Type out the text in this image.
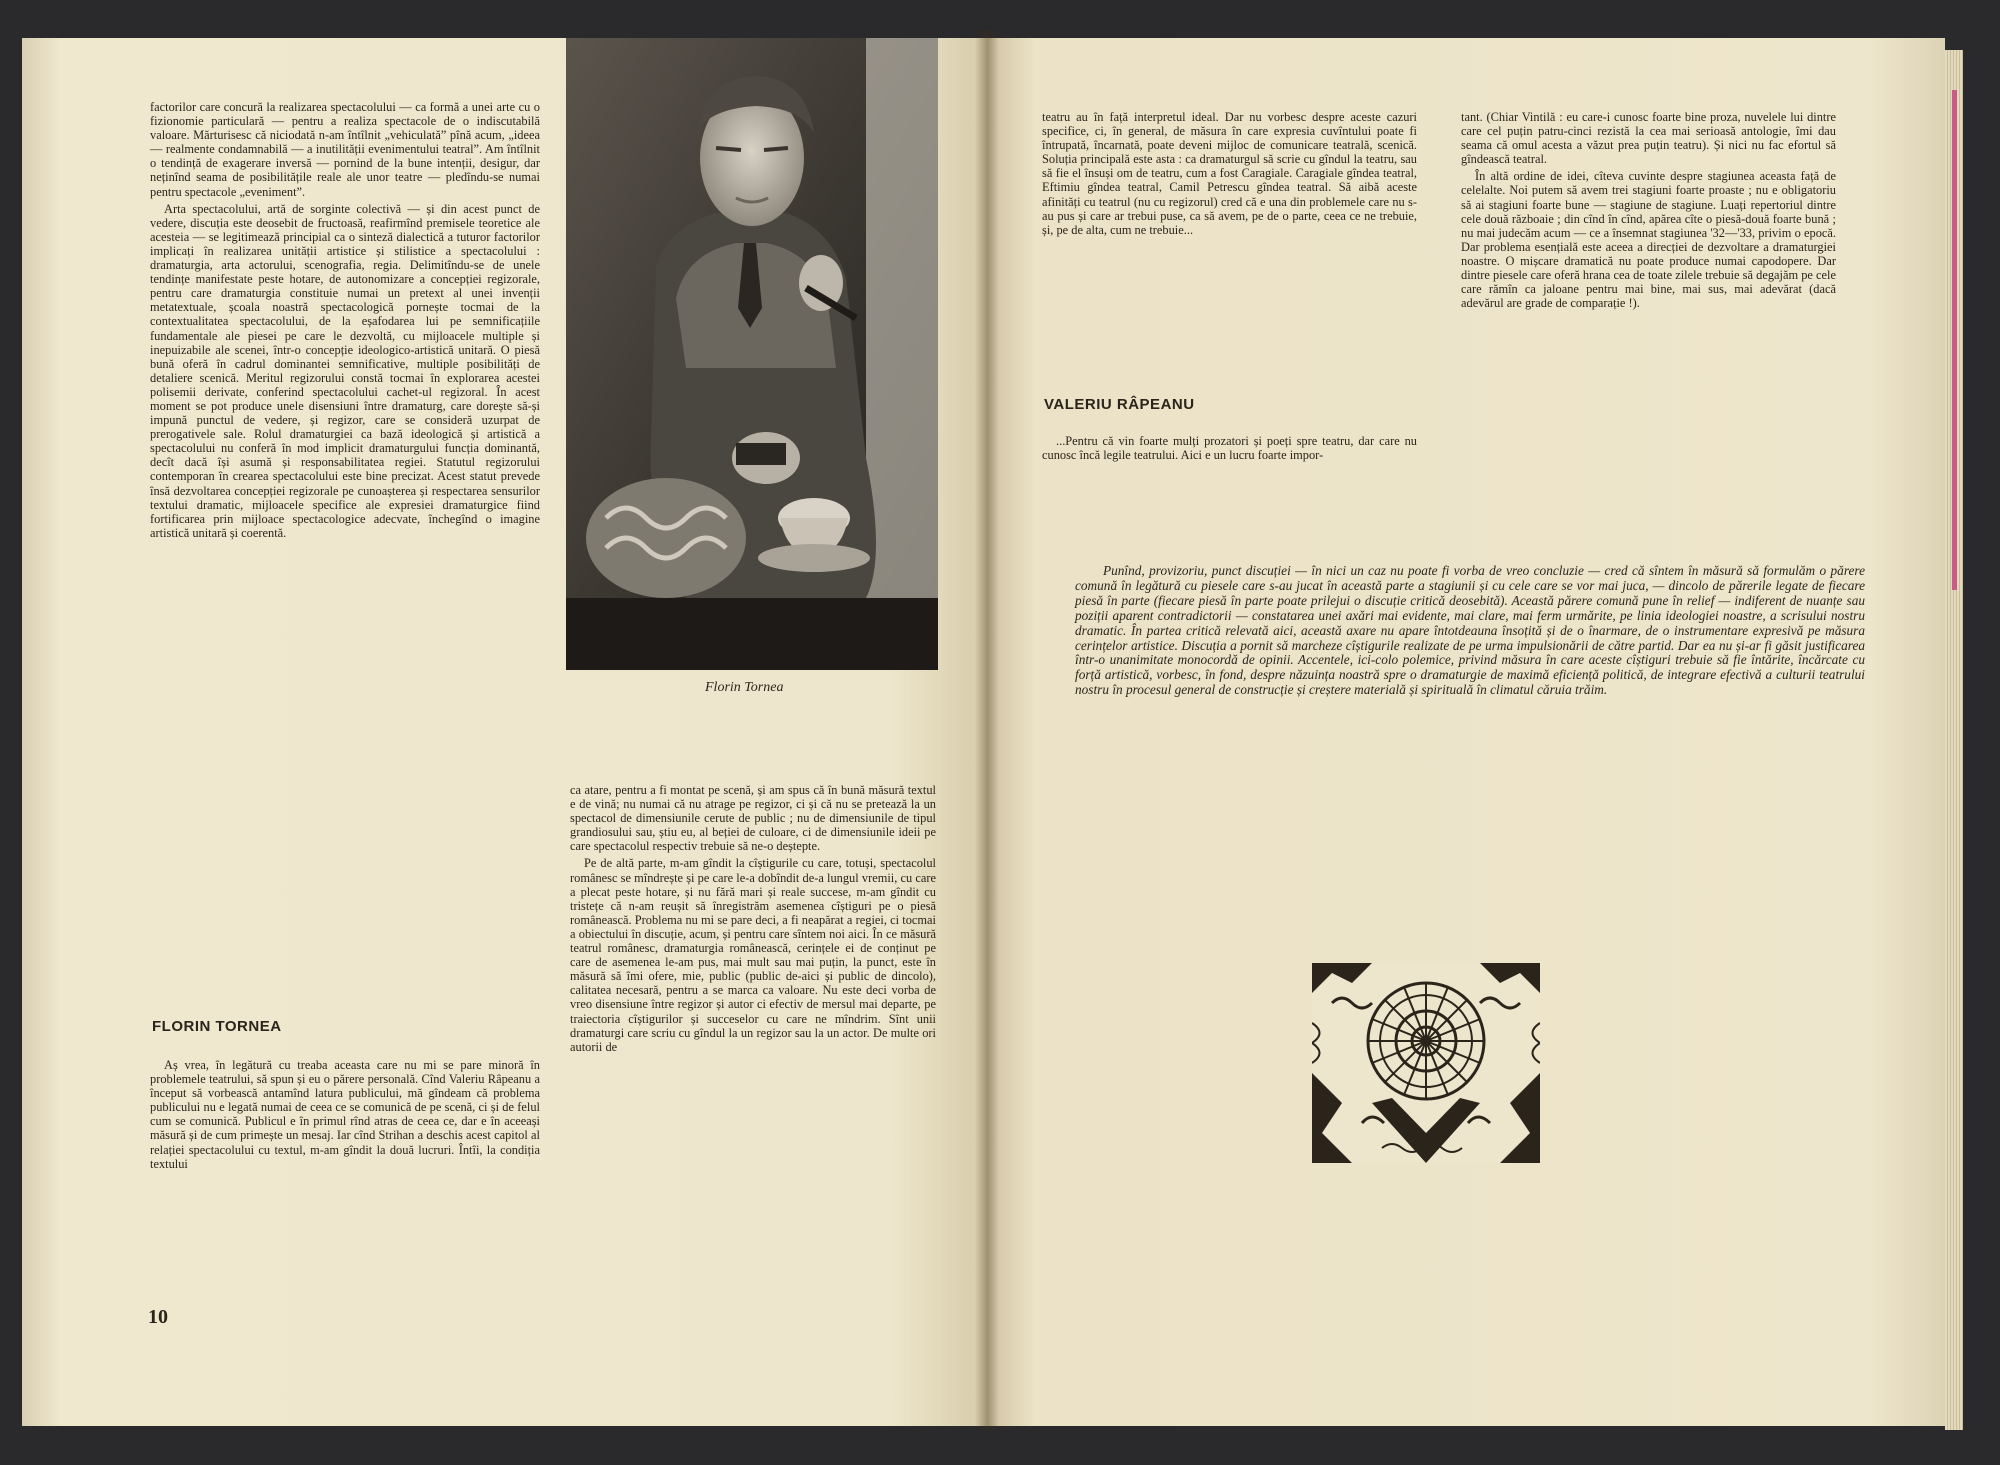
factorilor care concură la realizarea spectacolului — ca formă a unei arte cu o fizionomie particulară — pentru a realiza spectacole de o indiscutabilă valoare. Mărturisesc că niciodată n-am întîlnit „vehiculată” pînă acum, „ideea — realmente condamnabilă — a inutilității evenimentului teatral”. Am întîlnit o tendință de exagerare inversă — pornind de la bune intenții, desigur, dar neținînd seama de posibilitățile reale ale unor teatre — pledîndu-se numai pentru spectacole „eveniment”.

Arta spectacolului, artă de sorginte colectivă — și din acest punct de vedere, discuția este deosebit de fructoasă, reafirmînd premisele teoretice ale acesteia — se legitimează principial ca o sinteză dialectică a tuturor factorilor implicați în realizarea unității artistice și stilistice a spectacolului : dramaturgia, arta actorului, scenografia, regia. Delimitîndu-se de unele tendințe manifestate peste hotare, de autonomizare a concepției regizorale, pentru care dramaturgia constituie numai un pretext al unei invenții metatextuale, școala noastră spectacologică pornește tocmai de la contextualitatea spectacolului, de la eșafodarea lui pe semnificațiile fundamentale ale piesei pe care le dezvoltă, cu mijloacele multiple și inepuizabile ale scenei, într-o concepție ideologico-artistică unitară. O piesă bună oferă în cadrul dominantei semnificative, multiple posibilități de detaliere scenică. Meritul regizorului constă tocmai în explorarea acestei polisemii derivate, conferind spectacolului cachet-ul regizoral. În acest moment se pot produce unele disensiuni între dramaturg, care dorește să-și impună punctul de vedere, și regizor, care se consideră uzurpat de prerogativele sale. Rolul dramaturgiei ca bază ideologică și artistică a spectacolului nu conferă în mod implicit dramaturgului funcția dominantă, decît dacă își asumă și responsabilitatea regiei. Statutul regizorului contemporan în crearea spectacolului este bine precizat. Acest statut prevede însă dezvoltarea concepției regizorale pe cunoașterea și respectarea sensurilor textului dramatic, mijloacele specifice ale expresiei dramaturgice fiind fortificarea prin mijloace spectacologice adecvate, închegînd o imagine artistică unitară și coerentă.

FLORIN TORNEA

Aș vrea, în legătură cu treaba aceasta care nu mi se pare minoră în problemele teatrului, să spun și eu o părere personală. Cînd Valeriu Râpeanu a început să vorbească antamînd latura publicului, mă gîndeam că problema publicului nu e legată numai de ceea ce se comunică de pe scenă, ci și de felul cum se comunică. Publicul e în primul rînd atras de ceea ce, dar e în aceeași măsură și de cum primește un mesaj. Iar cînd Strihan a deschis acest capitol al relației spectacolului cu textul, m-am gîndit la două lucruri. Întîi, la condiția textului

Florin Tornea

ca atare, pentru a fi montat pe scenă, și am spus că în bună măsură textul e de vină; nu numai că nu atrage pe regizor, ci și că nu se pretează la un spectacol de dimensiunile cerute de public ; nu de dimensiunile de tipul grandiosului sau, știu eu, al beției de culoare, ci de dimensiunile ideii pe care spectacolul respectiv trebuie să ne-o deștepte.

Pe de altă parte, m-am gîndit la cîștigurile cu care, totuși, spectacolul românesc se mîndrește și pe care le-a dobîndit de-a lungul vremii, cu care a plecat peste hotare, și nu fără mari și reale succese, m-am gîndit cu tristețe că n-am reușit să înregistrăm asemenea cîștiguri pe o piesă românească. Problema nu mi se pare deci, a fi neapărat a regiei, ci tocmai a obiectului în discuție, acum, și pentru care sîntem noi aici. În ce măsură teatrul românesc, dramaturgia românească, cerințele ei de conținut pe care de asemenea le-am pus, mai mult sau mai puțin, la punct, este în măsură să îmi ofere, mie, public (public de-aici și public de dincolo), calitatea necesară, pentru a se marca ca valoare. Nu este deci vorba de vreo disensiune între regizor și autor ci efectiv de mersul mai departe, pe traiectoria cîștigurilor și succeselor cu care ne mîndrim. Sînt unii dramaturgi care scriu cu gîndul la un regizor sau la un actor. De multe ori autorii de

10

teatru au în față interpretul ideal. Dar nu vorbesc despre aceste cazuri specifice, ci, în general, de măsura în care expresia cuvîntului poate fi întrupată, încarnată, poate deveni mijloc de comunicare teatrală, scenică. Soluția principală este asta : ca dramaturgul să scrie cu gîndul la teatru, sau să fie el însuși om de teatru, cum a fost Caragiale. Caragiale gîndea teatral, Eftimiu gîndea teatral, Camil Petrescu gîndea teatral. Să aibă aceste afinități cu teatrul (nu cu regizorul) cred că e una din problemele care nu s-au pus și care ar trebui puse, ca să avem, pe de o parte, ceea ce ne trebuie, și, pe de alta, cum ne trebuie...

VALERIU RÂPEANU

...Pentru că vin foarte mulți prozatori și poeți spre teatru, dar care nu cunosc încă legile teatrului. Aici e un lucru foarte impor-

tant. (Chiar Vintilă : eu care-i cunosc foarte bine proza, nuvelele lui dintre care cel puțin patru-cinci rezistă la cea mai serioasă antologie, îmi dau seama că omul acesta a văzut prea puțin teatru). Și nici nu fac efortul să gîndească teatral.

În altă ordine de idei, cîteva cuvinte despre stagiunea aceasta față de celelalte. Noi putem să avem trei stagiuni foarte proaste ; nu e obligatoriu să ai stagiuni foarte bune — stagiune de stagiune. Luați repertoriul dintre cele două războaie ; din cînd în cînd, apărea cîte o piesă-două foarte bună ; nu mai judecăm acum — ce a însemnat stagiunea '32—'33, privim o epocă. Dar problema esențială este aceea a direcției de dezvoltare a dramaturgiei noastre. O mișcare dramatică nu poate produce numai capodopere. Dar dintre piesele care oferă hrana cea de toate zilele trebuie să degajăm pe cele care rămîn ca jaloane pentru mai bine, mai sus, mai adevărat (dacă adevărul are grade de comparație !).

Punînd, provizoriu, punct discuției — în nici un caz nu poate fi vorba de vreo concluzie — cred că sîntem în măsură să formulăm o părere comună în legătură cu piesele care s-au jucat în această parte a stagiunii și cu cele care se vor mai juca, — dincolo de părerile legate de fiecare piesă în parte (fiecare piesă în parte poate prilejui o discuție critică deosebită). Această părere comună pune în relief — indiferent de nuanțe sau poziții aparent contradictorii — constatarea unei axări mai evidente, mai clare, mai ferm urmărite, pe linia ideologiei noastre, a scrisului nostru dramatic. În partea critică relevată aici, această axare nu apare întotdeauna însoțită și de o înarmare, de o instrumentare expresivă pe măsura cerințelor artistice. Discuția a pornit să marcheze cîștigurile realizate de pe urma impulsionării de către partid. Dar ea nu și-ar fi găsit justificarea într-o unanimitate monocordă de opinii. Accentele, ici-colo polemice, privind măsura în care aceste cîștiguri trebuie să fie întărite, încărcate cu forță artistică, vorbesc, în fond, despre năzuința noastră spre o dramaturgie de maximă eficiență politică, de integrare efectivă a culturii teatrului nostru în procesul general de construcție și creștere materială și spirituală în climatul căruia trăim.
